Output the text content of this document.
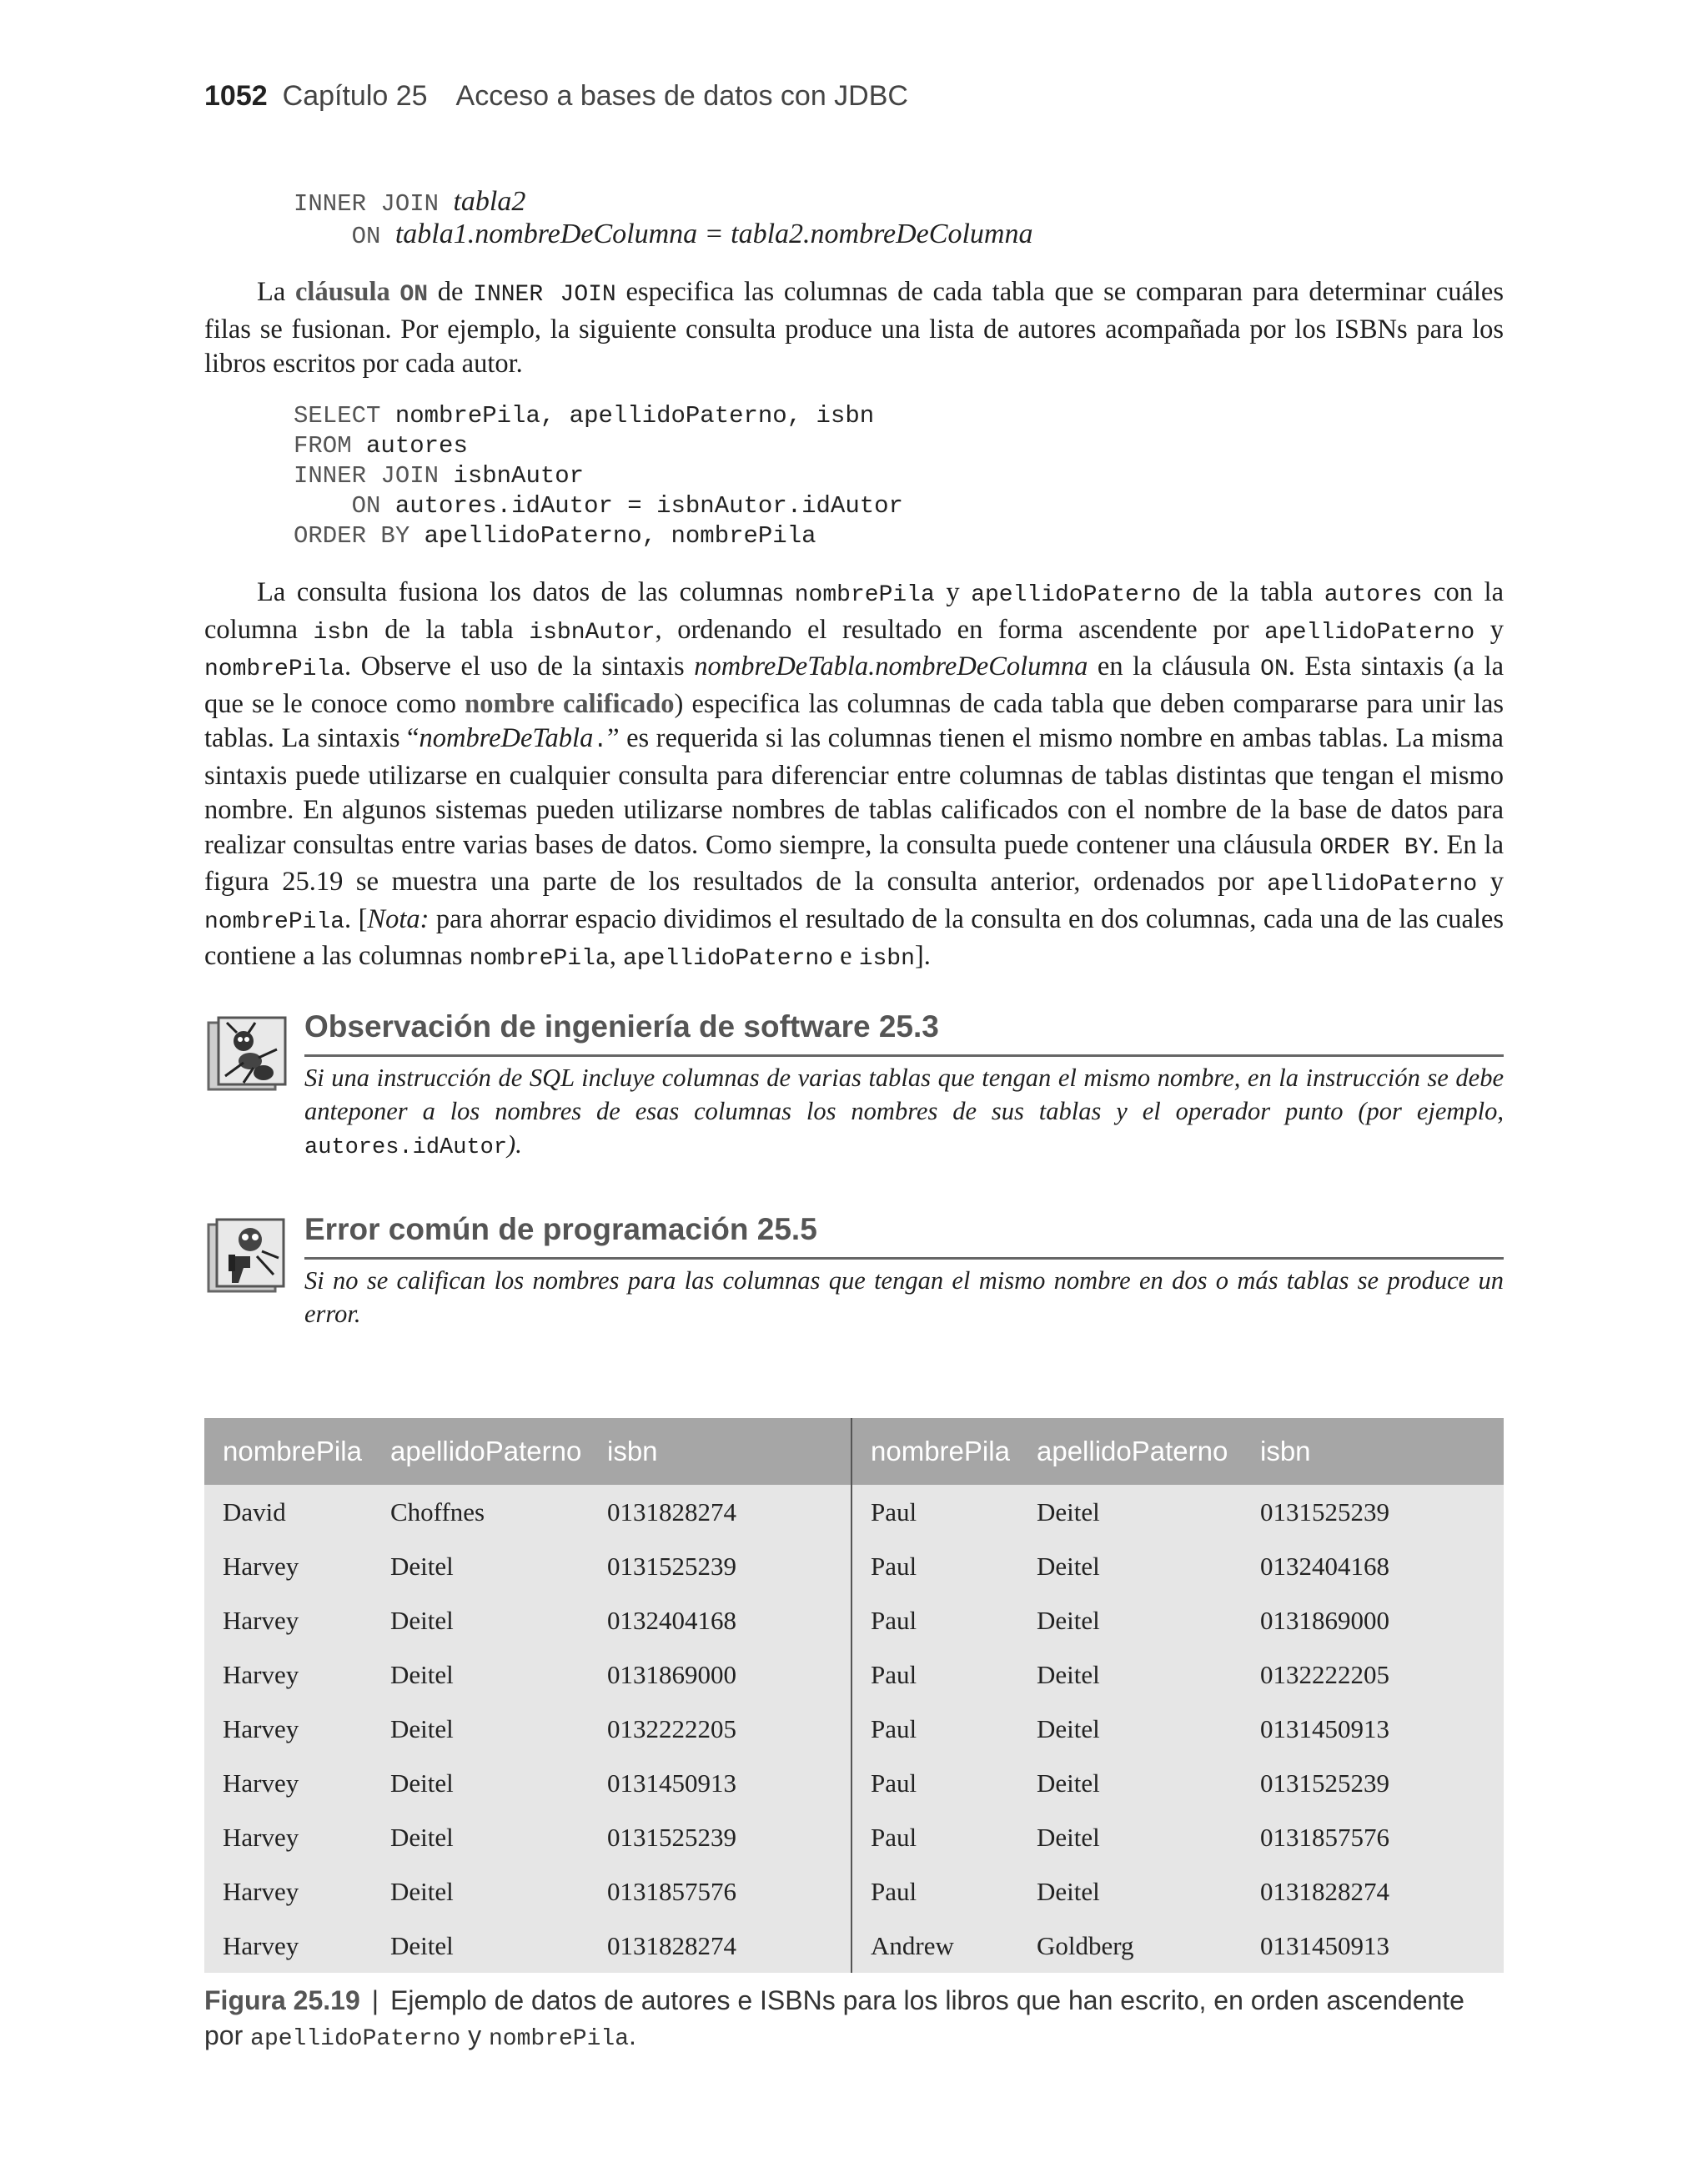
1052 Capítulo 25 Acceso a bases de datos con JDBC
INNER JOIN tabla2
ON tabla1.nombreDeColumna = tabla2.nombreDeColumna
La cláusula ON de INNER JOIN especifica las columnas de cada tabla que se comparan para determinar cuáles filas se fusionan. Por ejemplo, la siguiente consulta produce una lista de autores acompañada por los ISBNs para los libros escritos por cada autor.
SELECT nombrePila, apellidoPaterno, isbn
FROM autores
INNER JOIN isbnAutor
ON autores.idAutor = isbnAutor.idAutor
ORDER BY apellidoPaterno, nombrePila
La consulta fusiona los datos de las columnas nombrePila y apellidoPaterno de la tabla autores con la columna isbn de la tabla isbnAutor, ordenando el resultado en forma ascendente por apellidoPaterno y nombrePila. Observe el uso de la sintaxis nombreDeTabla.nombreDeColumna en la cláusula ON. Esta sintaxis (a la que se le conoce como nombre calificado) especifica las columnas de cada tabla que deben compararse para unir las tablas. La sintaxis “nombreDeTabla.” es requerida si las columnas tienen el mismo nombre en ambas tablas. La misma sintaxis puede utilizarse en cualquier consulta para diferenciar entre columnas de tablas distintas que tengan el mismo nombre. En algunos sistemas pueden utilizarse nombres de tablas calificados con el nombre de la base de datos para realizar consultas entre varias bases de datos. Como siempre, la consulta puede contener una cláusula ORDER BY. En la figura 25.19 se muestra una parte de los resultados de la consulta anterior, ordenados por apellidoPaterno y nombrePila. [Nota: para ahorrar espacio dividimos el resultado de la consulta en dos columnas, cada una de las cuales contiene a las columnas nombrePila, apellidoPaterno e isbn].
Observación de ingeniería de software 25.3
Si una instrucción de SQL incluye columnas de varias tablas que tengan el mismo nombre, en la instrucción se debe anteponer a los nombres de esas columnas los nombres de sus tablas y el operador punto (por ejemplo, autores.idAutor).
Error común de programación 25.5
Si no se califican los nombres para las columnas que tengan el mismo nombre en dos o más tablas se produce un error.
nombrePila	apellidoPaterno	isbn	nombrePila	apellidoPaterno	isbn
David	Choffnes	0131828274	Paul	Deitel	0131525239
Harvey	Deitel	0131525239	Paul	Deitel	0132404168
Harvey	Deitel	0132404168	Paul	Deitel	0131869000
Harvey	Deitel	0131869000	Paul	Deitel	0132222205
Harvey	Deitel	0132222205	Paul	Deitel	0131450913
Harvey	Deitel	0131450913	Paul	Deitel	0131525239
Harvey	Deitel	0131525239	Paul	Deitel	0131857576
Harvey	Deitel	0131857576	Paul	Deitel	0131828274
Harvey	Deitel	0131828274	Andrew	Goldberg	0131450913
Figura 25.19 | Ejemplo de datos de autores e ISBNs para los libros que han escrito, en orden ascendente por apellidoPaterno y nombrePila.
